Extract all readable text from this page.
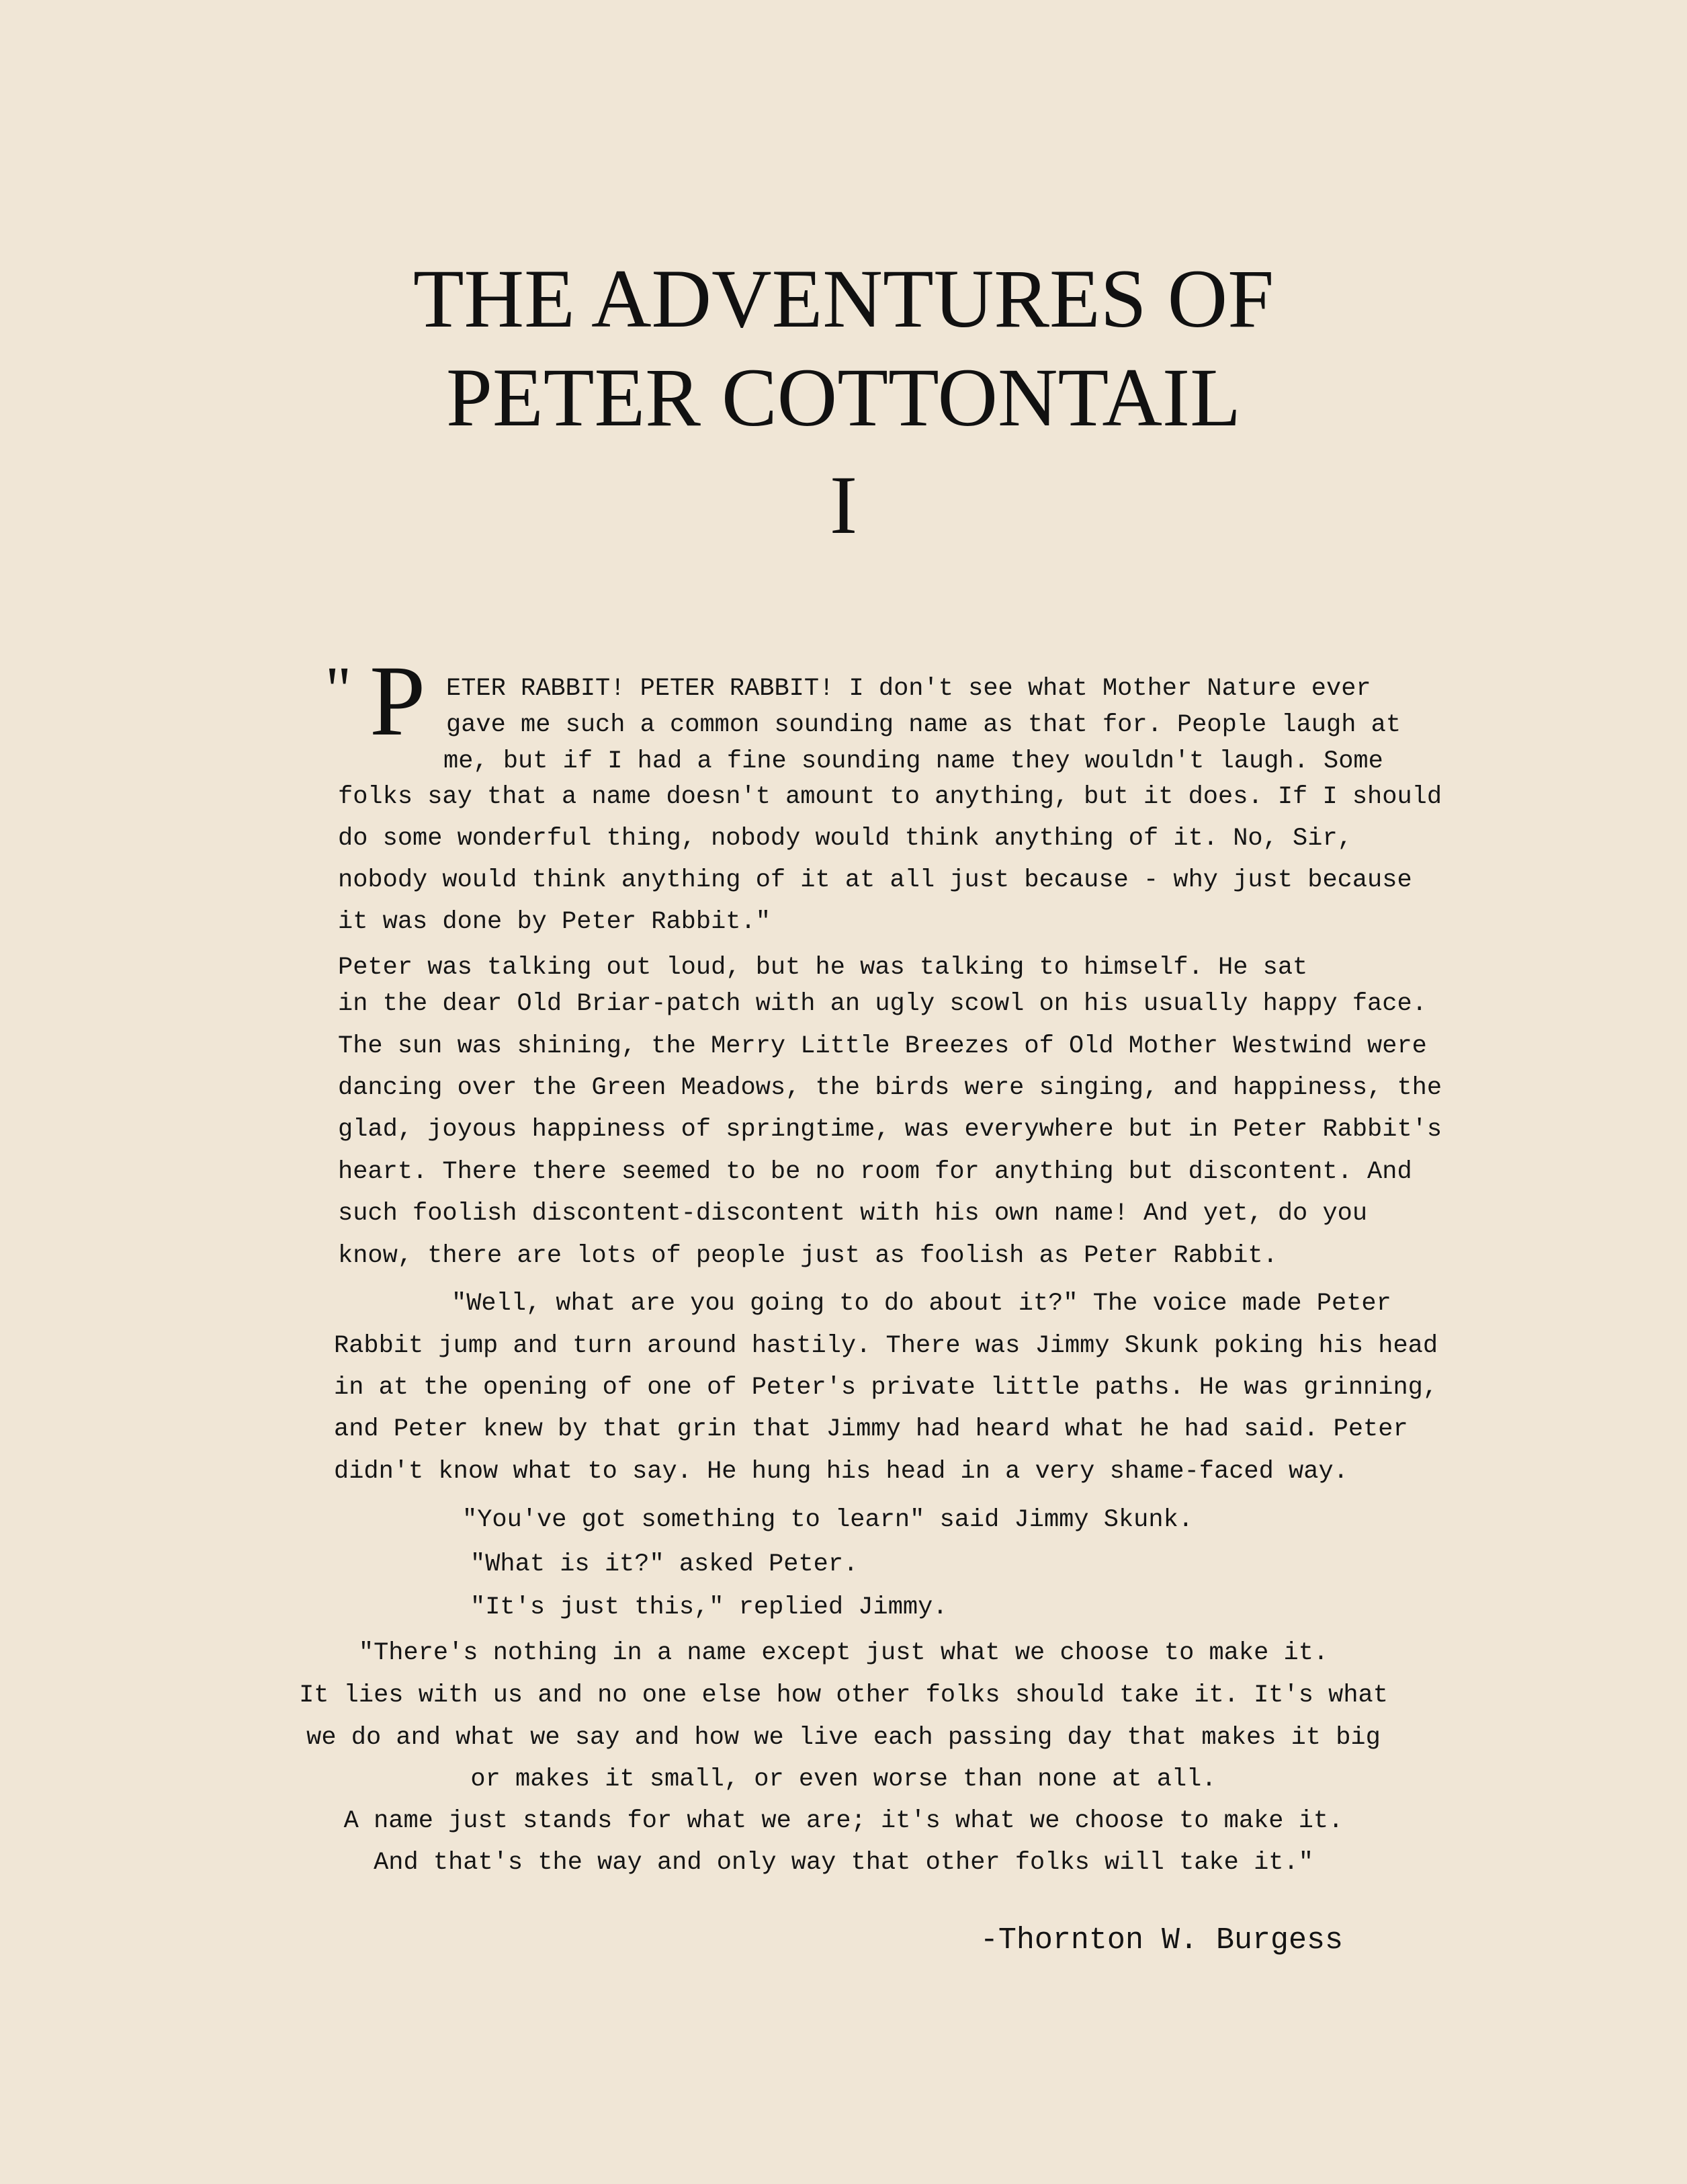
THE ADVENTURES OF
PETER COTTONTAIL
I
" P ETER RABBIT! PETER RABBIT! I don't see what Mother Nature ever
gave me such a common sounding name as that for. People laugh at
me, but if I had a fine sounding name they wouldn't laugh. Some
folks say that a name doesn't amount to anything, but it does. If I should
do some wonderful thing, nobody would think anything of it. No, Sir,
nobody would think anything of it at all just because - why just because
it was done by Peter Rabbit."
Peter was talking out loud, but he was talking to himself. He sat
in the dear Old Briar-patch with an ugly scowl on his usually happy face.
The sun was shining, the Merry Little Breezes of Old Mother Westwind were
dancing over the Green Meadows, the birds were singing, and happiness, the
glad, joyous happiness of springtime, was everywhere but in Peter Rabbit's
heart. There there seemed to be no room for anything but discontent. And
such foolish discontent-discontent with his own name! And yet, do you
know, there are lots of people just as foolish as Peter Rabbit.
"Well, what are you going to do about it?" The voice made Peter
Rabbit jump and turn around hastily. There was Jimmy Skunk poking his head
in at the opening of one of Peter's private little paths. He was grinning,
and Peter knew by that grin that Jimmy had heard what he had said. Peter
didn't know what to say. He hung his head in a very shame-faced way.
"You've got something to learn" said Jimmy Skunk.
"What is it?" asked Peter.
"It's just this," replied Jimmy.
"There's nothing in a name except just what we choose to make it.
It lies with us and no one else how other folks should take it. It's what
we do and what we say and how we live each passing day that makes it big
or makes it small, or even worse than none at all.
A name just stands for what we are; it's what we choose to make it.
And that's the way and only way that other folks will take it."
-Thornton W. Burgess
